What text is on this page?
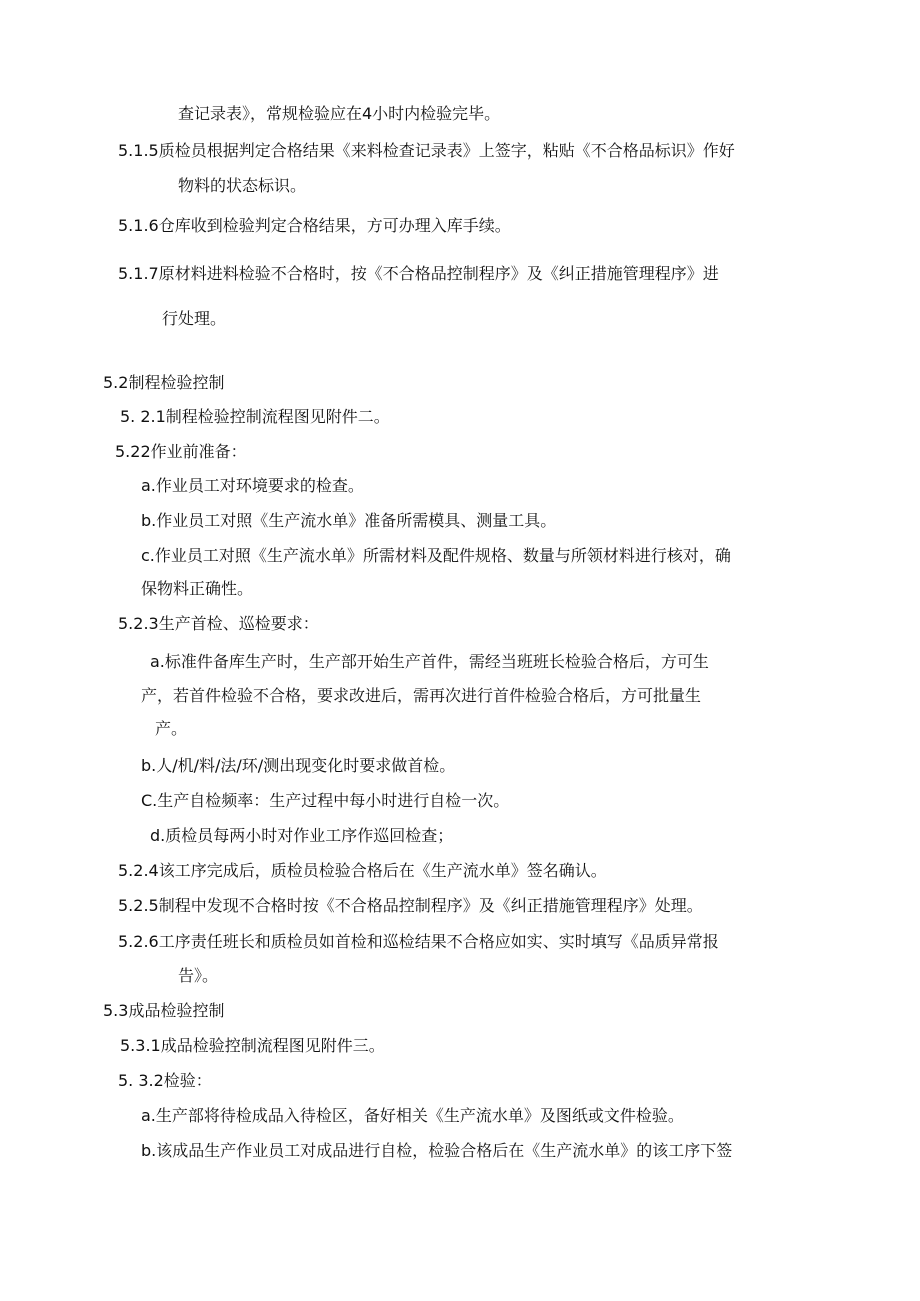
查记录表》，常规检验应在4小时内检验完毕。
5.1.5质检员根据判定合格结果《来料检查记录表》上签字，粘贴《不合格品标识》作好
物料的状态标识。
5.1.6仓库收到检验判定合格结果，方可办理入库手续。
5.1.7原材料进料检验不合格时，按《不合格品控制程序》及《纠正措施管理程序》进
行处理。
5.2制程检验控制
5. 2.1制程检验控制流程图见附件二。
5.22作业前准备：
a.作业员工对环境要求的检查。
b.作业员工对照《生产流水单》准备所需模具、测量工具。
c.作业员工对照《生产流水单》所需材料及配件规格、数量与所领材料进行核对，确
保物料正确性。
5.2.3生产首检、巡检要求：
a.标准件备库生产时，生产部开始生产首件，需经当班班长检验合格后，方可生
产，若首件检验不合格，要求改进后，需再次进行首件检验合格后，方可批量生
产。
b.人/机/料/法/环/测出现变化时要求做首检。
C.生产自检频率：生产过程中每小时进行自检一次。
d.质检员每两小时对作业工序作巡回检查；
5.2.4该工序完成后，质检员检验合格后在《生产流水单》签名确认。
5.2.5制程中发现不合格时按《不合格品控制程序》及《纠正措施管理程序》处理。
5.2.6工序责任班长和质检员如首检和巡检结果不合格应如实、实时填写《品质异常报
告》。
5.3成品检验控制
5.3.1成品检验控制流程图见附件三。
5. 3.2检验：
a.生产部将待检成品入待检区，备好相关《生产流水单》及图纸或文件检验。
b.该成品生产作业员工对成品进行自检，检验合格后在《生产流水单》的该工序下签
